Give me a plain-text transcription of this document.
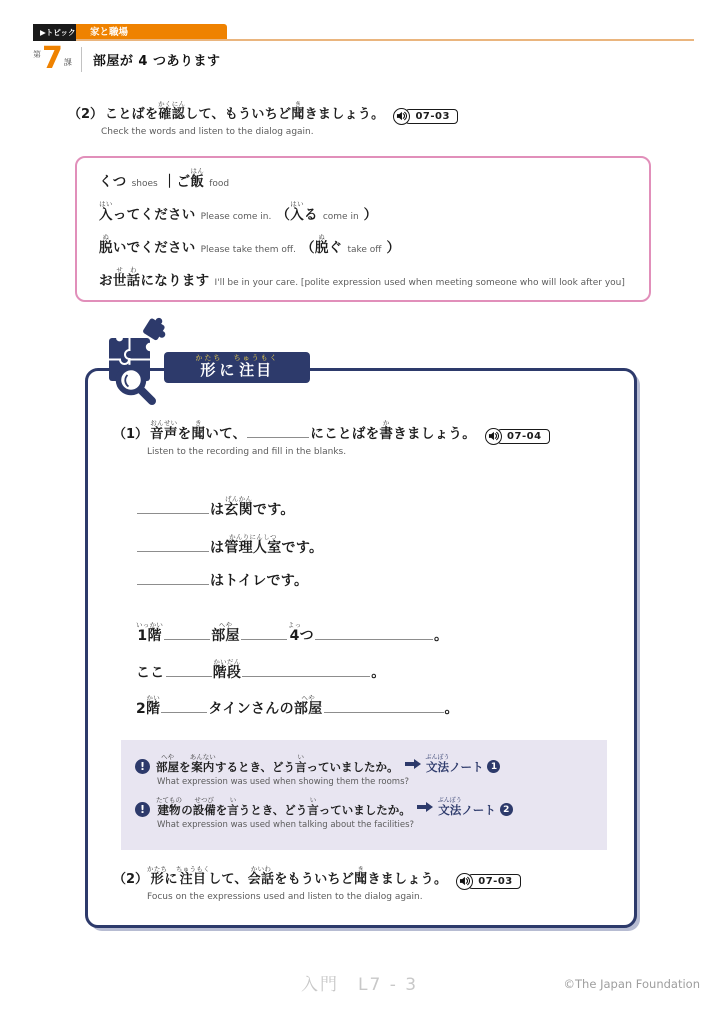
▶トピック	家と職場
第 7 課 部屋が 4 つあります
（2） ことばを確認かくにんして、もういちど聞ききましょう。	07-03
Check the words and listen to the dialog again.
くつ shoes ｜ご飯はんfood
入はいってください Please come in. （入はいる come in ）
脱ぬいでください Please take them off. （脱ぬぐ take off ）
お世せ話わになります I'll be in your care. [polite expression used when meeting someone who will look after you]
形かたちに注目ちゅうもく
（1） 音声おんせいを聞きいて、	にことばを書かきましょう。	07-04
Listen to the recording and fill in the blanks.
は玄関げんかんです。
は管理人室かんりにんしつです。
はトイレです。
1階いっかい部屋へや4よっつ	。
ここ	階段かいだん。
2階かいタインさんの部屋へや。
! 部屋へやを案内あんないするとき、どう言いっていましたか。 文法ぶんぽうノート 1
What expression was used when showing them the rooms?
! 建物たてものの設備せつびを言いうとき、どう言いっていましたか。 文法ぶんぽうノート 2
What expression was used when talking about the facilities?
（2）形かたちに注目ちゅうもくして、会話かいわをもういちど聞ききましょう。	07-03
Focus on the expressions used and listen to the dialog again.
入門　L7 - 3	©The Japan Foundation
